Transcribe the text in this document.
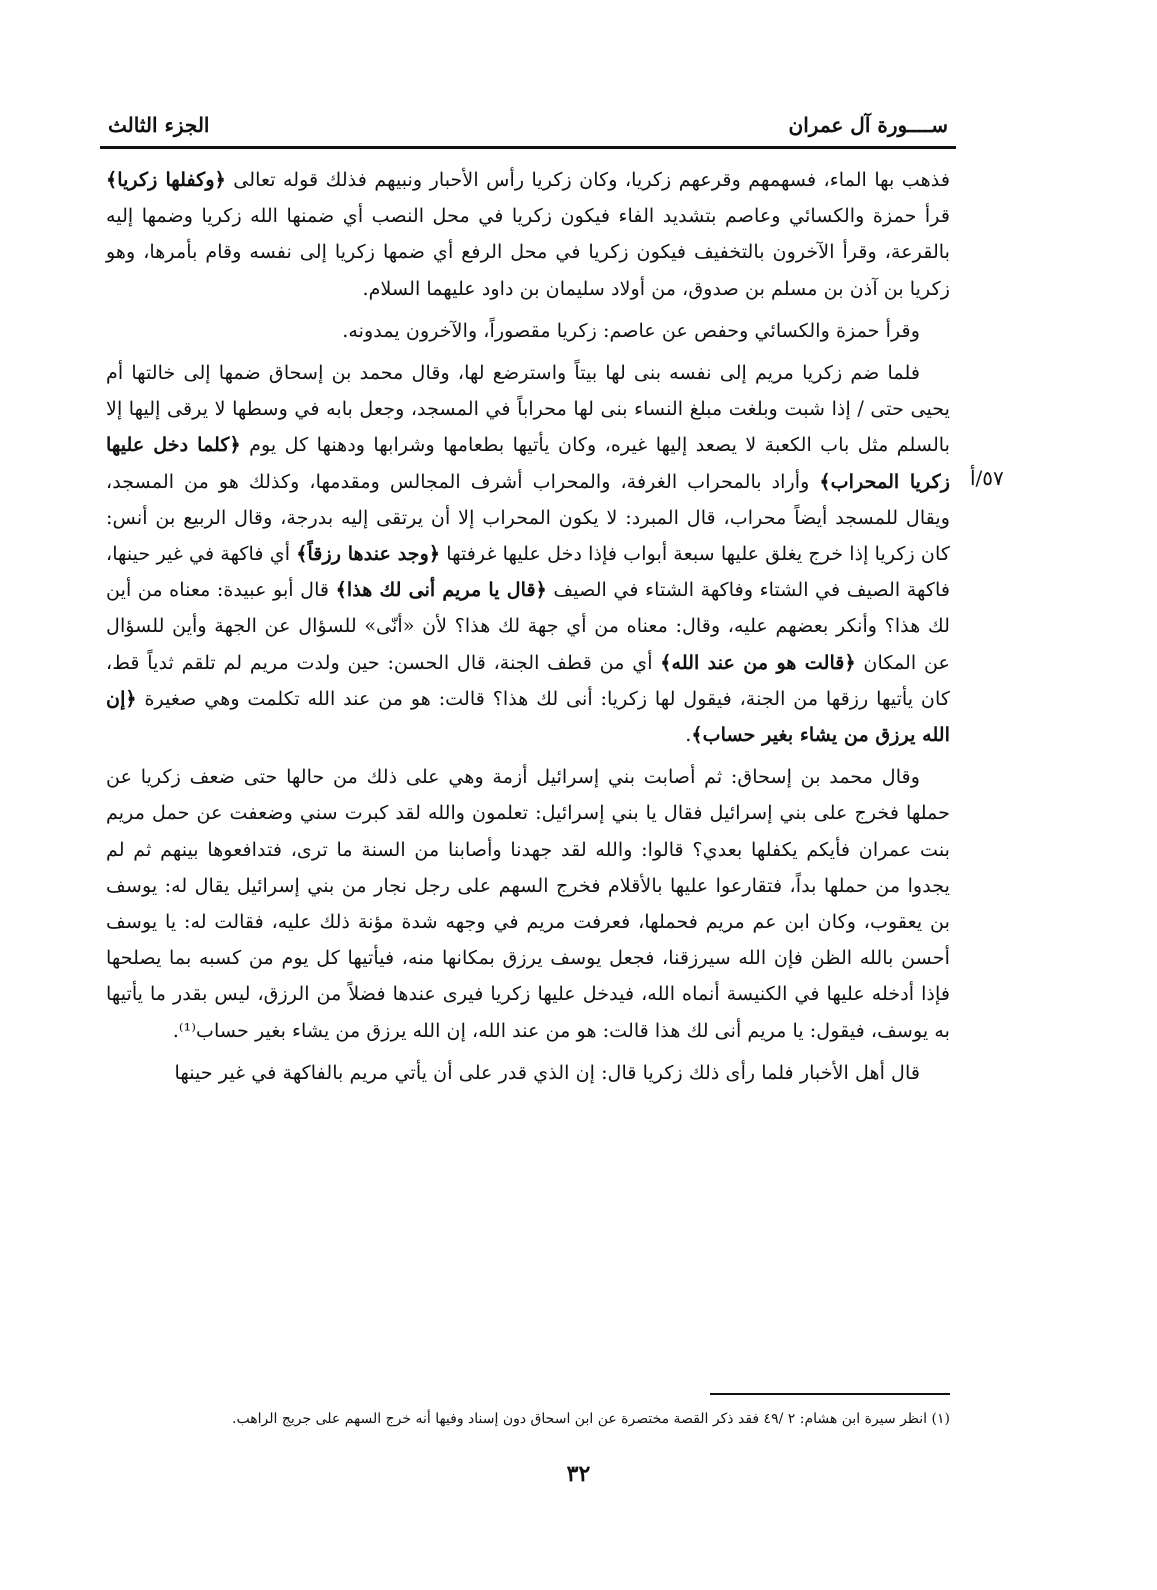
ســــورة آل عمران
الجزء الثالث
٥٧/أ

فذهب بها الماء، فسهمهم وقرعهم زكريا، وكان زكريا رأس الأحبار ونبيهم فذلك قوله تعالى ﴿وكفلها زكريا﴾ قرأ حمزة والكسائي وعاصم بتشديد الفاء فيكون زكريا في محل النصب أي ضمنها الله زكريا وضمها إليه بالقرعة، وقرأ الآخرون بالتخفيف فيكون زكريا في محل الرفع أي ضمها زكريا إلى نفسه وقام بأمرها، وهو زكريا بن آذن بن مسلم بن صدوق، من أولاد سليمان بن داود عليهما السلام.

وقرأ حمزة والكسائي وحفص عن عاصم: زكريا مقصوراً، والآخرون يمدونه.

فلما ضم زكريا مريم إلى نفسه بنى لها بيتاً واسترضع لها، وقال محمد بن إسحاق ضمها إلى خالتها أم يحيى حتى / إذا شبت وبلغت مبلغ النساء بنى لها محراباً في المسجد، وجعل بابه في وسطها لا يرقى إليها إلا بالسلم مثل باب الكعبة لا يصعد إليها غيره، وكان يأتيها بطعامها وشرابها ودهنها كل يوم ﴿كلما دخل عليها زكريا المحراب﴾ وأراد بالمحراب الغرفة، والمحراب أشرف المجالس ومقدمها، وكذلك هو من المسجد، ويقال للمسجد أيضاً محراب، قال المبرد: لا يكون المحراب إلا أن يرتقى إليه بدرجة، وقال الربيع بن أنس: كان زكريا إذا خرج يغلق عليها سبعة أبواب فإذا دخل عليها غرفتها ﴿وجد عندها رزقاً﴾ أي فاكهة في غير حينها، فاكهة الصيف في الشتاء وفاكهة الشتاء في الصيف ﴿قال يا مريم أنى لك هذا﴾ قال أبو عبيدة: معناه من أين لك هذا؟ وأنكر بعضهم عليه، وقال: معناه من أي جهة لك هذا؟ لأن «أنّى» للسؤال عن الجهة وأين للسؤال عن المكان ﴿قالت هو من عند الله﴾ أي من قطف الجنة، قال الحسن: حين ولدت مريم لم تلقم ثدياً قط، كان يأتيها رزقها من الجنة، فيقول لها زكريا: أنى لك هذا؟ قالت: هو من عند الله تكلمت وهي صغيرة ﴿إن الله يرزق من يشاء بغير حساب﴾.

وقال محمد بن إسحاق: ثم أصابت بني إسرائيل أزمة وهي على ذلك من حالها حتى ضعف زكريا عن حملها فخرج على بني إسرائيل فقال يا بني إسرائيل: تعلمون والله لقد كبرت سني وضعفت عن حمل مريم بنت عمران فأيكم يكفلها بعدي؟ قالوا: والله لقد جهدنا وأصابنا من السنة ما ترى، فتدافعوها بينهم ثم لم يجدوا من حملها بداً، فتقارعوا عليها بالأقلام فخرج السهم على رجل نجار من بني إسرائيل يقال له: يوسف بن يعقوب، وكان ابن عم مريم فحملها، فعرفت مريم في وجهه شدة مؤنة ذلك عليه، فقالت له: يا يوسف أحسن بالله الظن فإن الله سيرزقنا، فجعل يوسف يرزق بمكانها منه، فيأتيها كل يوم من كسبه بما يصلحها فإذا أدخله عليها في الكنيسة أنماه الله، فيدخل عليها زكريا فيرى عندها فضلاً من الرزق، ليس بقدر ما يأتيها به يوسف، فيقول: يا مريم أنى لك هذا قالت: هو من عند الله، إن الله يرزق من يشاء بغير حساب⁽¹⁾.

قال أهل الأخبار فلما رأى ذلك زكريا قال: إن الذي قدر على أن يأتي مريم بالفاكهة في غير حينها

(١) انظر سيرة ابن هشام: ٢ /٤٩ فقد ذكر القصة مختصرة عن ابن اسحاق دون إسناد وفيها أنه خرج السهم على جريج الراهب.
٣٢
